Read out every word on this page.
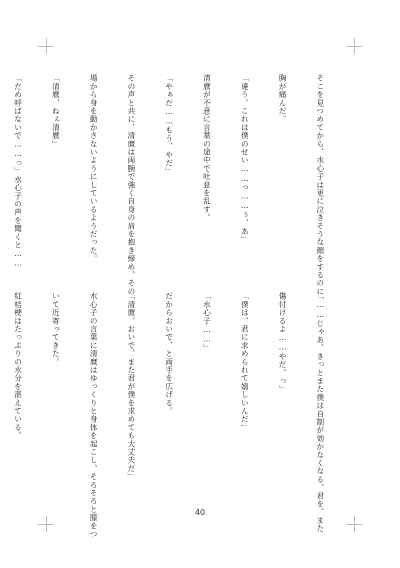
そこを見つめてから、水心子は更に泣きそうな顔をするのに

胸が痛んだ。

「違う。これは僕のせい……っ……ぅ、あ」

清麿が不意に言葉の途中で吐息を乱す。

「やぁだ……もう、やだ」

その声と共に、清麿は両腕で強く自身の肩を抱き締め、その

場から身を動かさないようにしているようだった。

「清麿、ねぇ清麿」

「だめ呼ばないで……っ」水心子の声を聞くと……

「……じゃあ、きっとまた僕は自制が効かなくなる。君を、また

傷付けるよ……やだ、っ」

「僕は、君に求められて嬉しいんだ」

「水心子……」

だからおいで、と両手を広げる。

「清麿。おいで、また君が僕を求めても大丈夫だ」

水心子の言葉に清麿はゆっくりと身体を起こし、そろそろと膝をつ

いて近寄ってきた。

紅桔梗はたっぷりの水分を湛えている。

40
